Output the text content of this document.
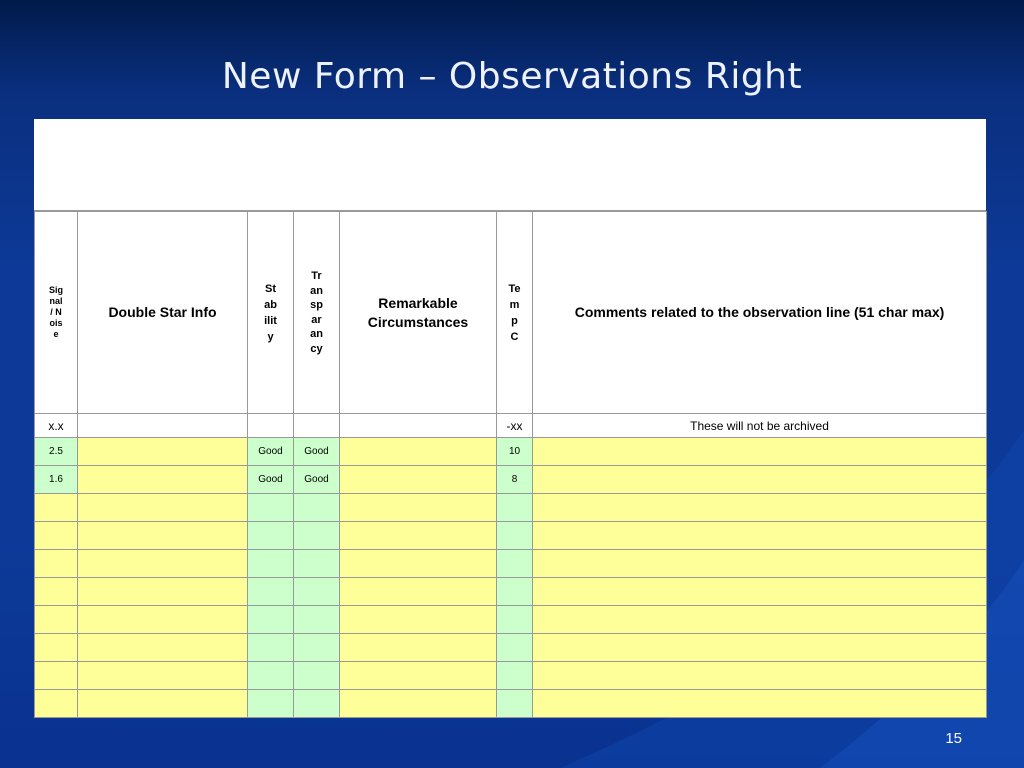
New Form – Observations Right
Signal / Noise	Double Star Info	Stability	Transparancy	Remarkable Circumstances	Temp C	Comments related to the observation line (51 char max)

x.x					-xx	These will not be archived
2.5		Good	Good		10	
1.6		Good	Good		8	

15
